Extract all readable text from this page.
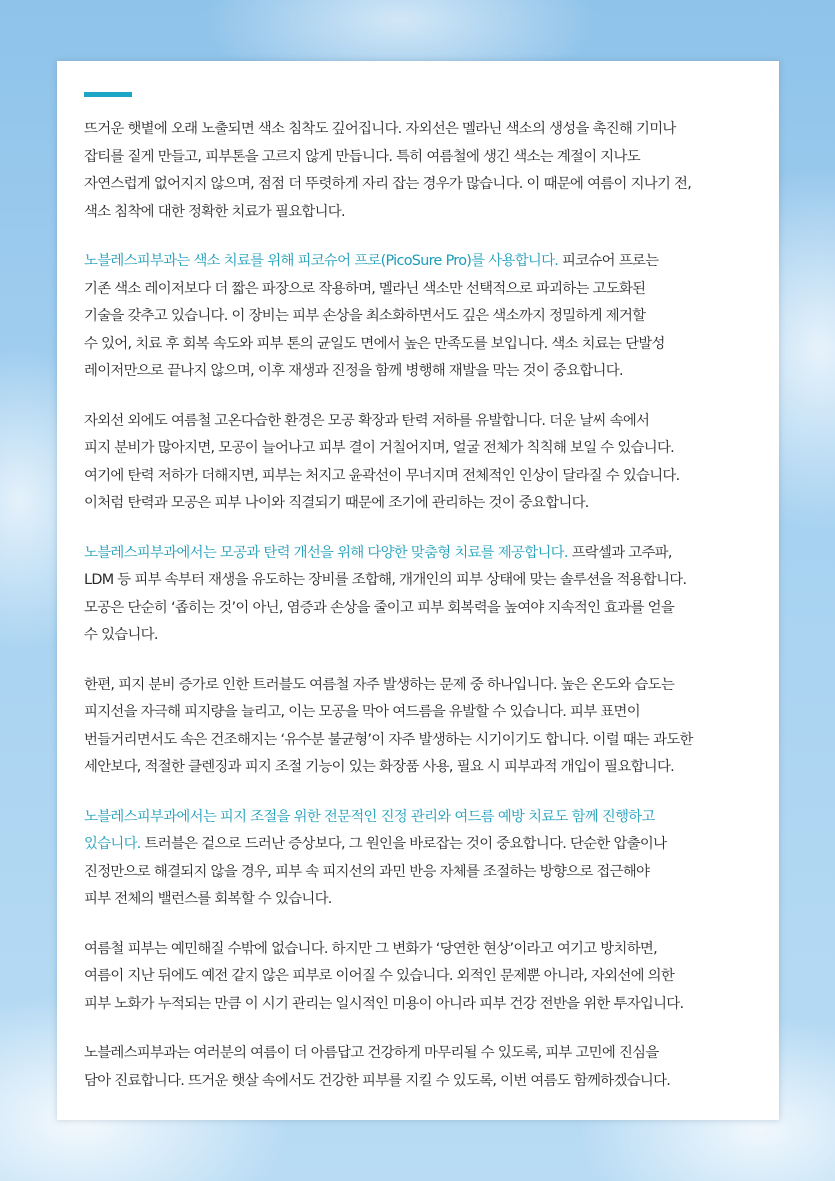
뜨거운 햇볕에 오래 노출되면 색소 침착도 깊어집니다. 자외선은 멜라닌 색소의 생성을 촉진해 기미나
잡티를 짙게 만들고, 피부톤을 고르지 않게 만듭니다. 특히 여름철에 생긴 색소는 계절이 지나도
자연스럽게 없어지지 않으며, 점점 더 뚜렷하게 자리 잡는 경우가 많습니다. 이 때문에 여름이 지나기 전,
색소 침착에 대한 정확한 치료가 필요합니다.

노블레스피부과는 색소 치료를 위해 피코슈어 프로(PicoSure Pro)를 사용합니다. 피코슈어 프로는
기존 색소 레이저보다 더 짧은 파장으로 작용하며, 멜라닌 색소만 선택적으로 파괴하는 고도화된
기술을 갖추고 있습니다. 이 장비는 피부 손상을 최소화하면서도 깊은 색소까지 정밀하게 제거할
수 있어, 치료 후 회복 속도와 피부 톤의 균일도 면에서 높은 만족도를 보입니다. 색소 치료는 단발성
레이저만으로 끝나지 않으며, 이후 재생과 진정을 함께 병행해 재발을 막는 것이 중요합니다.

자외선 외에도 여름철 고온다습한 환경은 모공 확장과 탄력 저하를 유발합니다. 더운 날씨 속에서
피지 분비가 많아지면, 모공이 늘어나고 피부 결이 거칠어지며, 얼굴 전체가 칙칙해 보일 수 있습니다.
여기에 탄력 저하가 더해지면, 피부는 처지고 윤곽선이 무너지며 전체적인 인상이 달라질 수 있습니다.
이처럼 탄력과 모공은 피부 나이와 직결되기 때문에 조기에 관리하는 것이 중요합니다.

노블레스피부과에서는 모공과 탄력 개선을 위해 다양한 맞춤형 치료를 제공합니다. 프락셀과 고주파,
LDM 등 피부 속부터 재생을 유도하는 장비를 조합해, 개개인의 피부 상태에 맞는 솔루션을 적용합니다.
모공은 단순히 ‘좁히는 것’이 아닌, 염증과 손상을 줄이고 피부 회복력을 높여야 지속적인 효과를 얻을
수 있습니다.

한편, 피지 분비 증가로 인한 트러블도 여름철 자주 발생하는 문제 중 하나입니다. 높은 온도와 습도는
피지선을 자극해 피지량을 늘리고, 이는 모공을 막아 여드름을 유발할 수 있습니다. 피부 표면이
번들거리면서도 속은 건조해지는 ‘유수분 불균형’이 자주 발생하는 시기이기도 합니다. 이럴 때는 과도한
세안보다, 적절한 클렌징과 피지 조절 기능이 있는 화장품 사용, 필요 시 피부과적 개입이 필요합니다.

노블레스피부과에서는 피지 조절을 위한 전문적인 진정 관리와 여드름 예방 치료도 함께 진행하고
있습니다. 트러블은 겉으로 드러난 증상보다, 그 원인을 바로잡는 것이 중요합니다. 단순한 압출이나
진정만으로 해결되지 않을 경우, 피부 속 피지선의 과민 반응 자체를 조절하는 방향으로 접근해야
피부 전체의 밸런스를 회복할 수 있습니다.

여름철 피부는 예민해질 수밖에 없습니다. 하지만 그 변화가 ‘당연한 현상’이라고 여기고 방치하면,
여름이 지난 뒤에도 예전 같지 않은 피부로 이어질 수 있습니다. 외적인 문제뿐 아니라, 자외선에 의한
피부 노화가 누적되는 만큼 이 시기 관리는 일시적인 미용이 아니라 피부 건강 전반을 위한 투자입니다.

노블레스피부과는 여러분의 여름이 더 아름답고 건강하게 마무리될 수 있도록, 피부 고민에 진심을
담아 진료합니다. 뜨거운 햇살 속에서도 건강한 피부를 지킬 수 있도록, 이번 여름도 함께하겠습니다.
